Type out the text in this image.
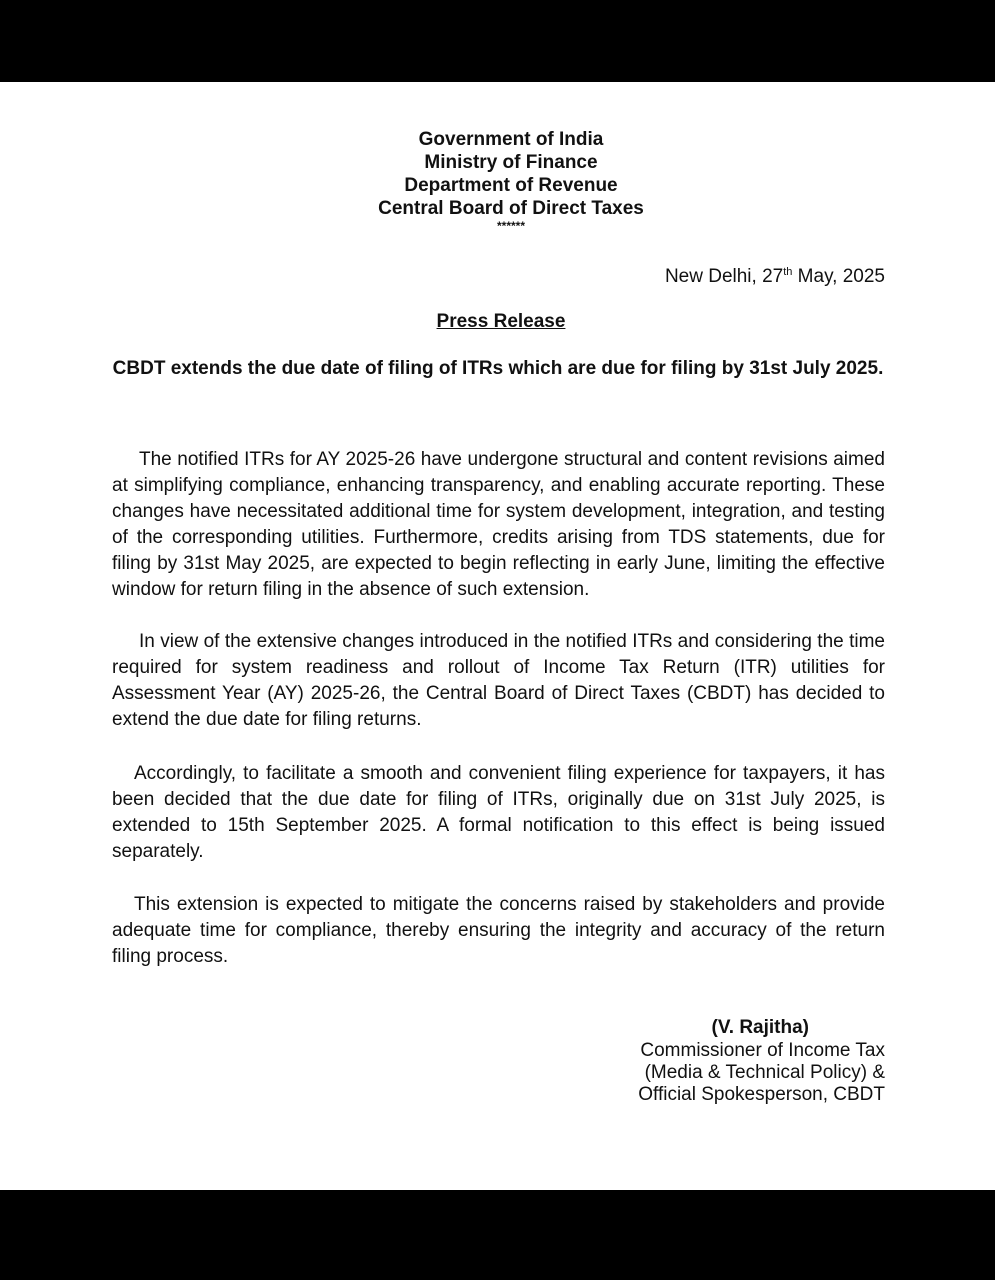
Government of India
Ministry of Finance
Department of Revenue
Central Board of Direct Taxes
******
New Delhi, 27th May, 2025
Press Release
CBDT extends the due date of filing of ITRs which are due for filing by 31st July 2025.
The notified ITRs for AY 2025-26 have undergone structural and content revisions aimed at simplifying compliance, enhancing transparency, and enabling accurate reporting. These changes have necessitated additional time for system development, integration, and testing of the corresponding utilities. Furthermore, credits arising from TDS statements, due for filing by 31st May 2025, are expected to begin reflecting in early June, limiting the effective window for return filing in the absence of such extension.
In view of the extensive changes introduced in the notified ITRs and considering the time required for system readiness and rollout of Income Tax Return (ITR) utilities for Assessment Year (AY) 2025-26, the Central Board of Direct Taxes (CBDT) has decided to extend the due date for filing returns.
Accordingly, to facilitate a smooth and convenient filing experience for taxpayers, it has been decided that the due date for filing of ITRs, originally due on 31st July 2025, is extended to 15th September 2025. A formal notification to this effect is being issued separately.
This extension is expected to mitigate the concerns raised by stakeholders and provide adequate time for compliance, thereby ensuring the integrity and accuracy of the return filing process.
(V. Rajitha)
Commissioner of Income Tax
(Media & Technical Policy) &
Official Spokesperson, CBDT
